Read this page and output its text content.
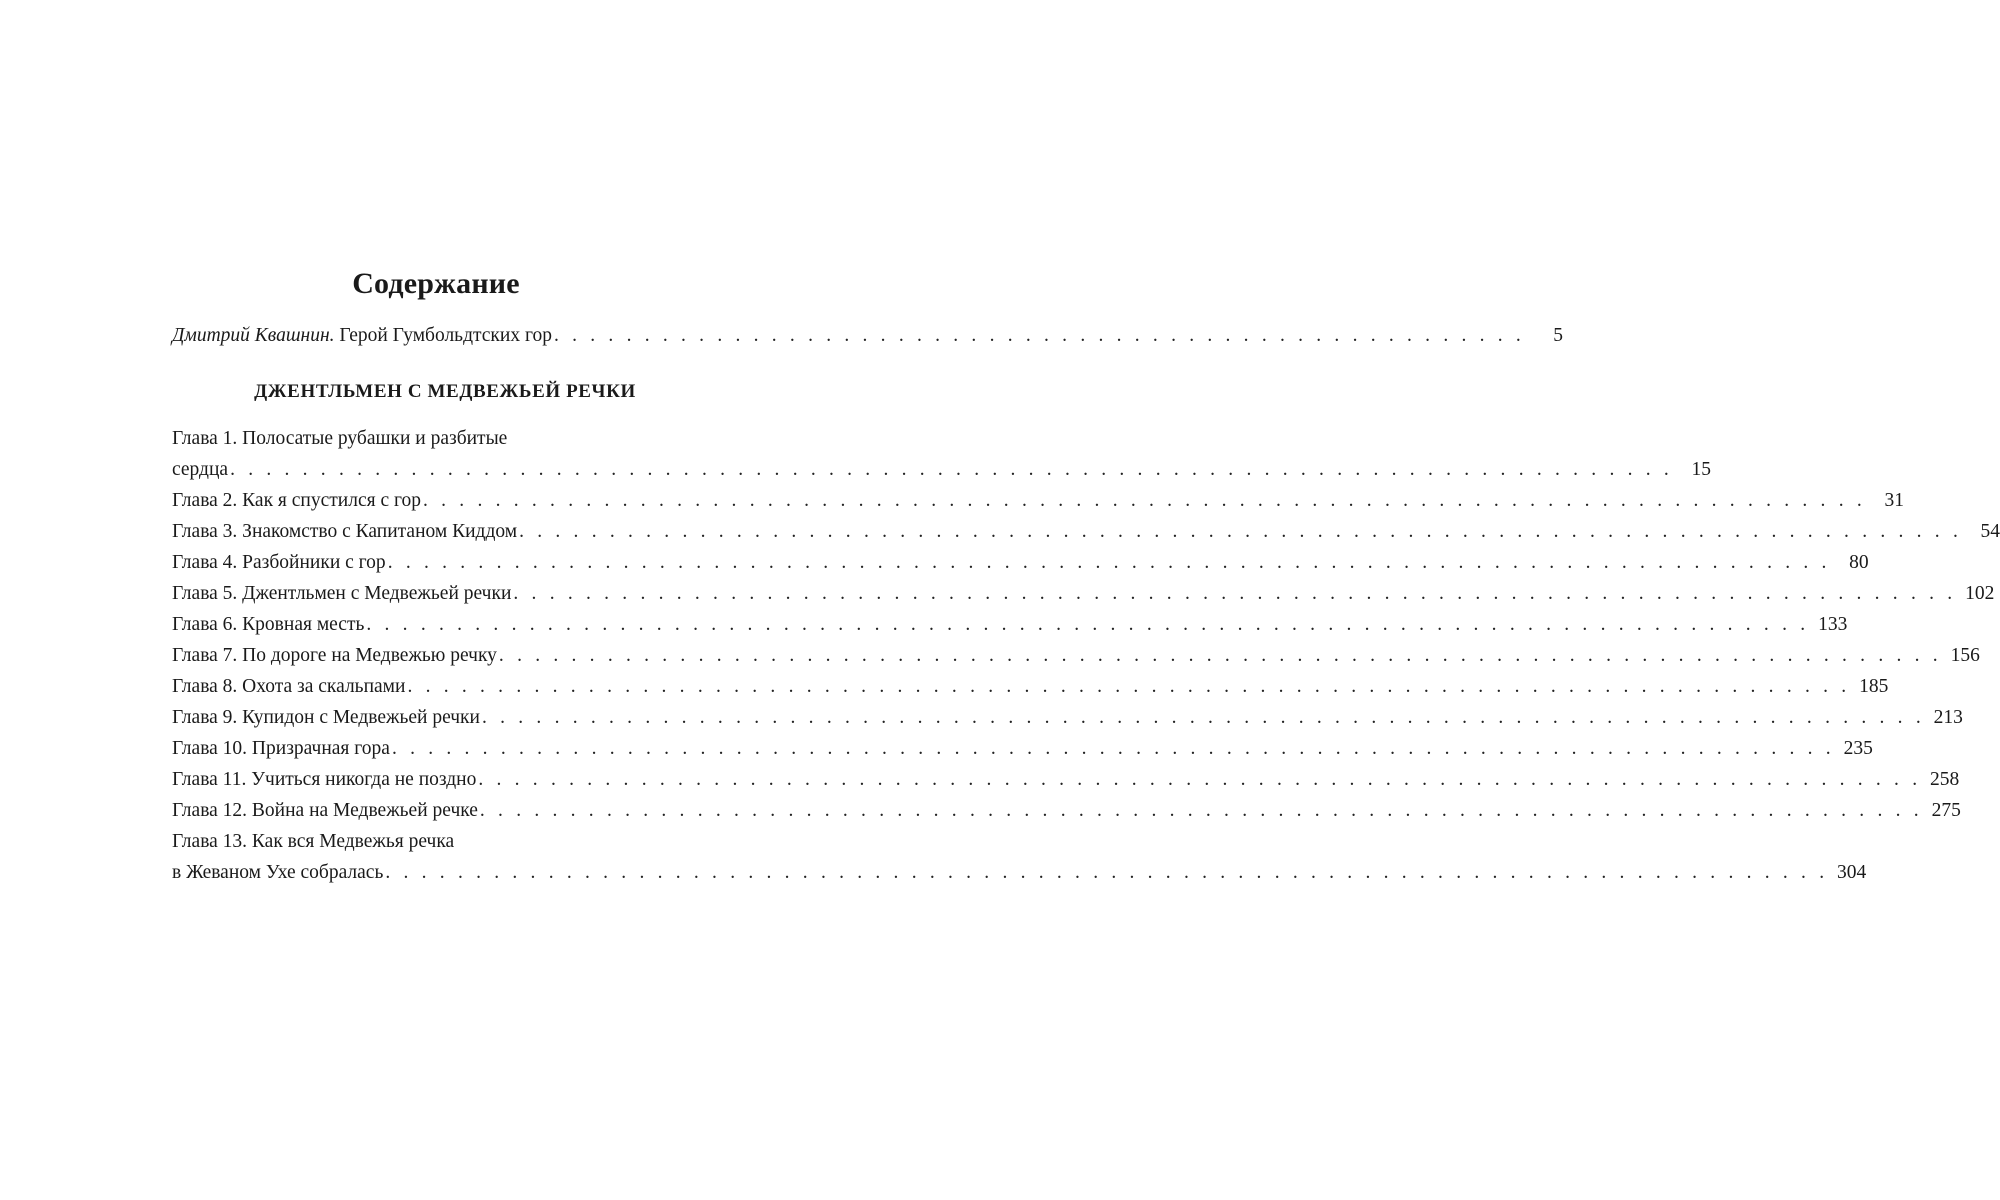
Содержание
Дмитрий Квашнин. Герой Гумбольдтских гор . . . . . . . . . . . . . . . . . . . . . . . . . . . . . . . . . . . . . . . . . . . . . . . . . . . . . .	5
ДЖЕНТЛЬМЕН С МЕДВЕЖЬЕЙ РЕЧКИ
Глава 1. Полосатые рубашки и разбитые
сердца . . . . . . . . . . . . . . . . . . . . . . . . . . . . . . . . . . . . . . . . . . . . . . . . . . . . . . . . . . . . . . . . . . . . . . . . . . . . . . . . 15
Глава 2. Как я спустился с гор . . . . . . . . . . . . . . . . . . . . . . . . . . . . . . . . . . . . . . . . . . . . . . . . . . . . . . . . . . . . . . . . . . . . . . . . . . . . . . . . 31
Глава 3. Знакомство с Капитаном Киддом . . . . . . . . . . . . . . . . . . . . . . . . . . . . . . . . . . . . . . . . . . . . . . . . . . . . . . . . . . . . . . . . . . . . . . . . . . . . . . . . 54
Глава 4. Разбойники с гор . . . . . . . . . . . . . . . . . . . . . . . . . . . . . . . . . . . . . . . . . . . . . . . . . . . . . . . . . . . . . . . . . . . . . . . . . . . . . . . . 80
Глава 5. Джентльмен с Медвежьей речки . . . . . . . . . . . . . . . . . . . . . . . . . . . . . . . . . . . . . . . . . . . . . . . . . . . . . . . . . . . . . . . . . . . . . . . . . . . . . . . . 102
Глава 6. Кровная месть . . . . . . . . . . . . . . . . . . . . . . . . . . . . . . . . . . . . . . . . . . . . . . . . . . . . . . . . . . . . . . . . . . . . . . . . . . . . . . . . 133
Глава 7. По дороге на Медвежью речку . . . . . . . . . . . . . . . . . . . . . . . . . . . . . . . . . . . . . . . . . . . . . . . . . . . . . . . . . . . . . . . . . . . . . . . . . . . . . . . . 156
Глава 8. Охота за скальпами . . . . . . . . . . . . . . . . . . . . . . . . . . . . . . . . . . . . . . . . . . . . . . . . . . . . . . . . . . . . . . . . . . . . . . . . . . . . . . . . 185
Глава 9. Купидон с Медвежьей речки . . . . . . . . . . . . . . . . . . . . . . . . . . . . . . . . . . . . . . . . . . . . . . . . . . . . . . . . . . . . . . . . . . . . . . . . . . . . . . . . 213
Глава 10. Призрачная гора . . . . . . . . . . . . . . . . . . . . . . . . . . . . . . . . . . . . . . . . . . . . . . . . . . . . . . . . . . . . . . . . . . . . . . . . . . . . . . . . 235
Глава 11. Учиться никогда не поздно . . . . . . . . . . . . . . . . . . . . . . . . . . . . . . . . . . . . . . . . . . . . . . . . . . . . . . . . . . . . . . . . . . . . . . . . . . . . . . . . 258
Глава 12. Война на Медвежьей речке . . . . . . . . . . . . . . . . . . . . . . . . . . . . . . . . . . . . . . . . . . . . . . . . . . . . . . . . . . . . . . . . . . . . . . . . . . . . . . . . 275
Глава 13. Как вся Медвежья речка
в Жеваном Ухе собралась . . . . . . . . . . . . . . . . . . . . . . . . . . . . . . . . . . . . . . . . . . . . . . . . . . . . . . . . . . . . . . . . . . . . . . . . . . . . . . . . 304
